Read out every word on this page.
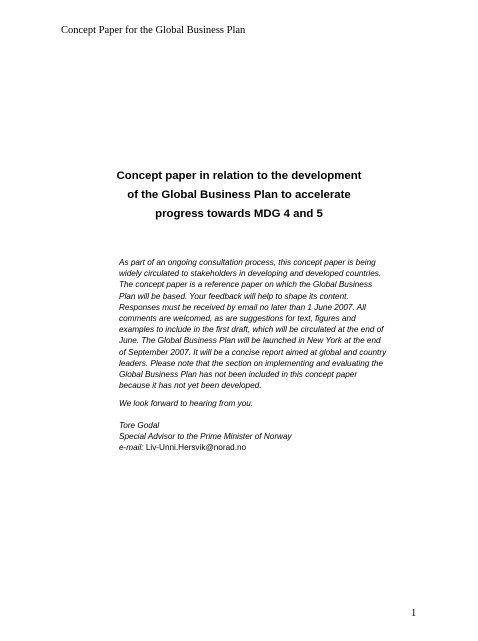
Concept Paper for the Global Business Plan
Concept paper in relation to the development
of the Global Business Plan to accelerate
progress towards MDG 4 and 5
As part of an ongoing consultation process, this concept paper is being
widely circulated to stakeholders in developing and developed countries.
The concept paper is a reference paper on which the Global Business
Plan will be based. Your feedback will help to shape its content.
Responses must be received by email no later than 1 June 2007. All
comments are welcomed, as are suggestions for text, figures and
examples to include in the first draft, which will be circulated at the end of
June. The Global Business Plan will be launched in New York at the end
of September 2007. It will be a concise report aimed at global and country
leaders. Please note that the section on implementing and evaluating the
Global Business Plan has not been included in this concept paper
because it has not yet been developed.
We look forward to hearing from you.
Tore Godal
Special Advisor to the Prime Minister of Norway
e-mail: Liv-Unni.Hersvik@norad.no
1
